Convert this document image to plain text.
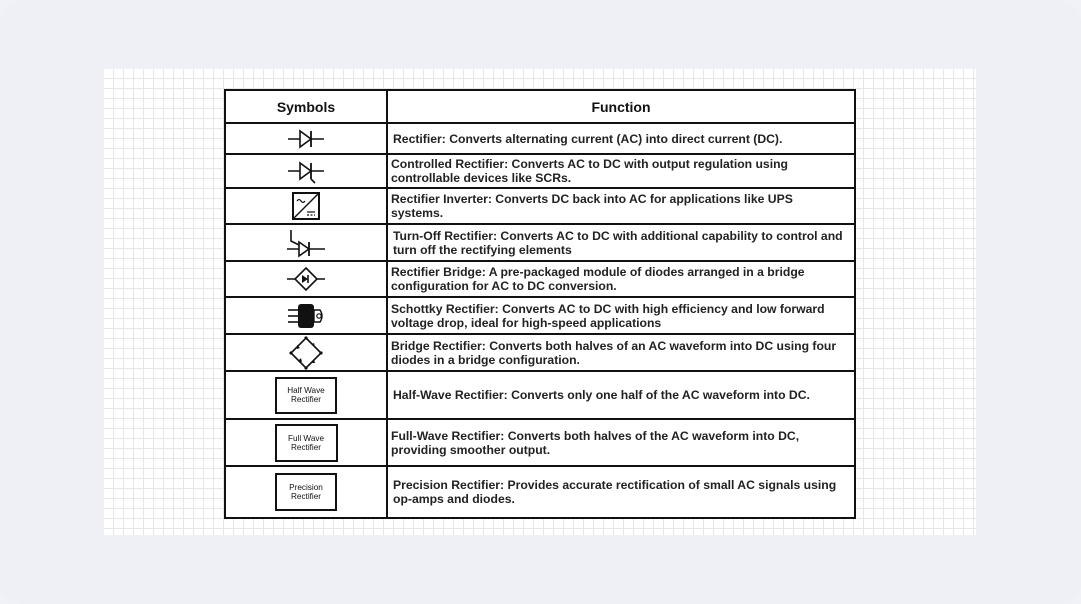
Symbols	Function

	Rectifier: Converts alternating current (AC) into direct current (DC).

	Controlled Rectifier: Converts AC to DC with output regulation using controllable devices like SCRs.

	Rectifier Inverter: Converts DC back into AC for applications like UPS systems.

	Turn-Off Rectifier: Converts AC to DC with additional capability to control and turn off the rectifying elements

	Rectifier Bridge: A pre-packaged module of diodes arranged in a bridge configuration for AC to DC conversion.

	Schottky Rectifier: Converts AC to DC with high efficiency and low forward voltage drop, ideal for high-speed applications

	Bridge Rectifier: Converts both halves of an AC waveform into DC using four diodes in a bridge configuration.
Half Wave Rectifier	Half-Wave Rectifier: Converts only one half of the AC waveform into DC.
Full Wave Rectifier	Full-Wave Rectifier: Converts both halves of the AC waveform into DC, providing smoother output.
Precision Rectifier	Precision Rectifier: Provides accurate rectification of small AC signals using op-amps and diodes.
